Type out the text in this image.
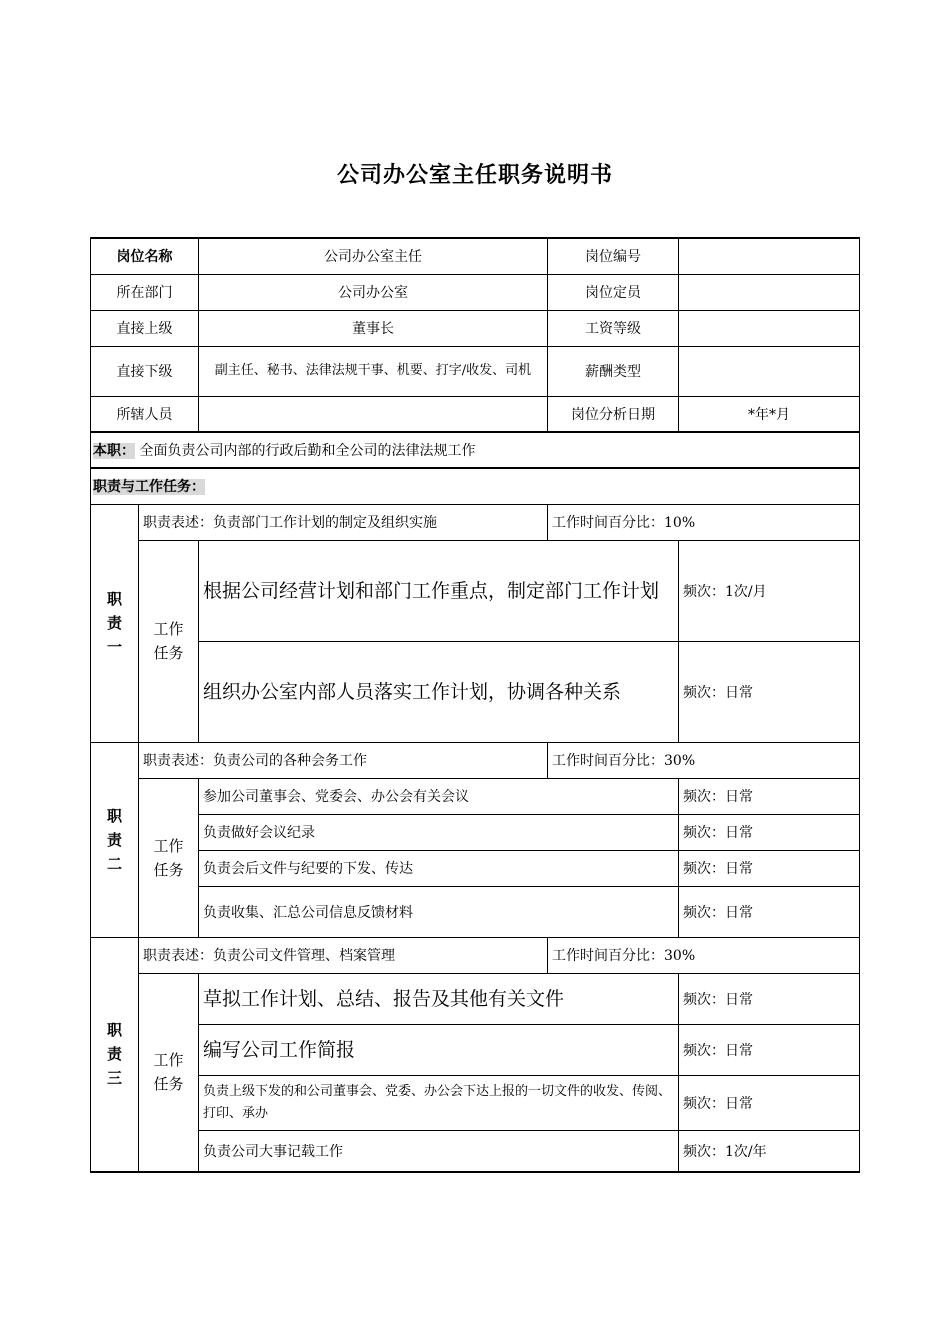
公司办公室主任职务说明书
岗位名称		公司办公室主任	岗位编号	
所在部门		公司办公室	岗位定员	
直接上级		董事长	工资等级	
直接下级		副主任、秘书、法律法规干事、机要、打字/收发、司机	薪酬类型	
所辖人员			岗位分析日期	*年*月
本职： 全面负责公司内部的行政后勤和全公司的法律法规工作				
职责与工作任务：				
职责一	职责表述：负责部门工作计划的制定及组织实施		工作时间百分比：10%	
	工作任务	根据公司经营计划和部门工作重点，制定部门工作计划		频次：1次/月
		组织办公室内部人员落实工作计划，协调各种关系		频次：日常
职责二	职责表述：负责公司的各种会务工作		工作时间百分比：30%	
	工作任务	参加公司董事会、党委会、办公会有关会议		频次：日常
		负责做好会议纪录		频次：日常
		负责会后文件与纪要的下发、传达		频次：日常
		负责收集、汇总公司信息反馈材料		频次：日常
职责三	职责表述：负责公司文件管理、档案管理		工作时间百分比：30%	
	工作任务	草拟工作计划、总结、报告及其他有关文件		频次：日常
		编写公司工作简报		频次：日常
		负责上级下发的和公司董事会、党委、办公会下达上报的一切文件的收发、传阅、打印、承办		频次：日常
		负责公司大事记载工作		频次：1次/年
